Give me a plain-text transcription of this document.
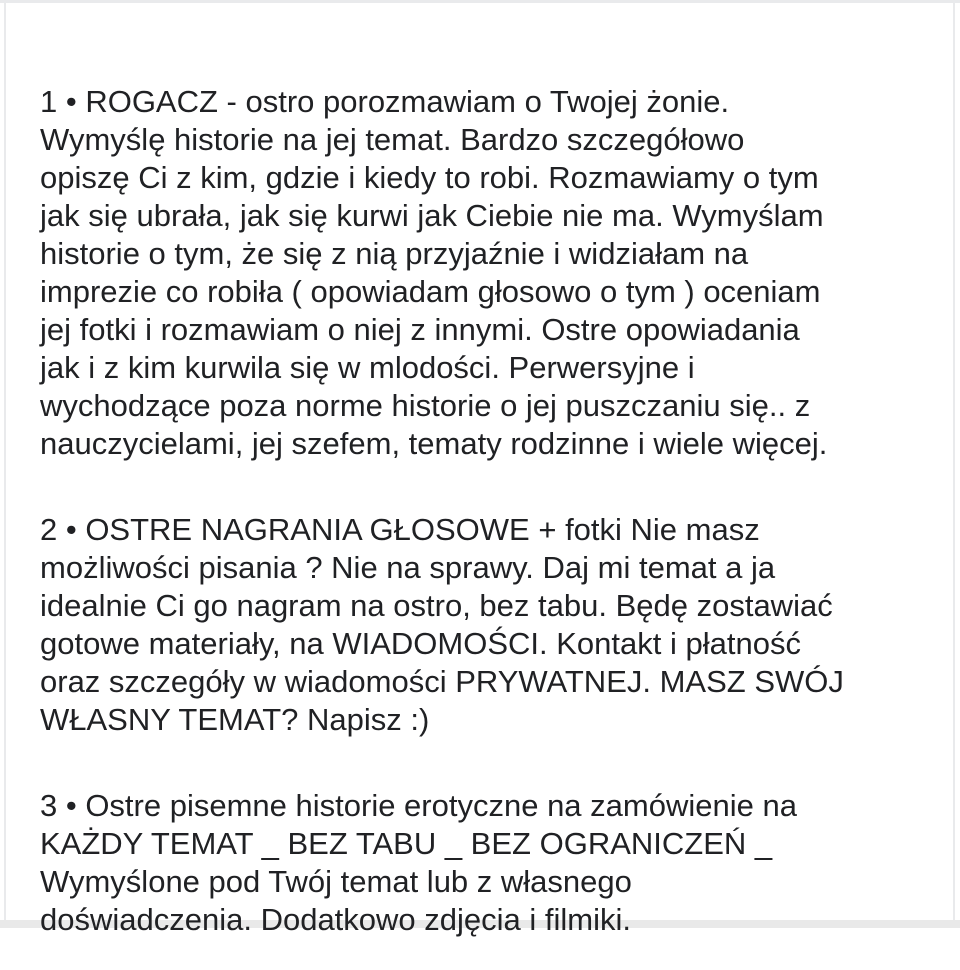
1 • ROGACZ - ostro porozmawiam o Twojej żonie.
Wymyślę historie na jej temat. Bardzo szczegółowo
opiszę Ci z kim, gdzie i kiedy to robi. Rozmawiamy o tym
jak się ubrała, jak się kurwi jak Ciebie nie ma. Wymyślam
historie o tym, że się z nią przyjaźnie i widziałam na
imprezie co robiła ( opowiadam głosowo o tym ) oceniam
jej fotki i rozmawiam o niej z innymi. Ostre opowiadania
jak i z kim kurwila się w mlodości. Perwersyjne i
wychodzące poza norme historie o jej puszczaniu się.. z
nauczycielami, jej szefem, tematy rodzinne i wiele więcej.

2 • OSTRE NAGRANIA GŁOSOWE + fotki Nie masz
możliwości pisania ? Nie na sprawy. Daj mi temat a ja
idealnie Ci go nagram na ostro, bez tabu. Będę zostawiać
gotowe materiały, na WIADOMOŚCI. Kontakt i płatność
oraz szczegóły w wiadomości PRYWATNEJ. MASZ SWÓJ
WŁASNY TEMAT? Napisz :)

3 • Ostre pisemne historie erotyczne na zamówienie na
KAŻDY TEMAT _ BEZ TABU _ BEZ OGRANICZEŃ _
Wymyślone pod Twój temat lub z własnego
doświadczenia. Dodatkowo zdjęcia i filmiki.
